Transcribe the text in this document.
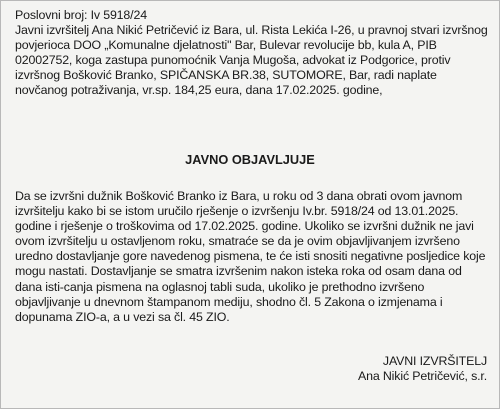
Poslovni broj: Iv 5918/24

Javni izvršitelj Ana Nikić Petričević iz Bara, ul. Rista Lekića I-26, u pravnoj stvari izvršnog povjerioca DOO „Komunalne djelatnosti" Bar, Bulevar revolucije bb, kula A, PIB 02002752, koga zastupa punomoćnik Vanja Mugoša, advokat iz Podgorice, protiv izvršnog Bošković Branko, SPIČANSKA BR.38, SUTOMORE, Bar, radi naplate novčanog potraživanja, vr.sp. 184,25 eura, dana 17.02.2025. godine,

JAVNO OBJAVLJUJE

Da se izvršni dužnik Bošković Branko iz Bara, u roku od 3 dana obrati ovom javnom izvršitelju kako bi se istom uručilo rješenje o izvršenju Iv.br. 5918/24 od 13.01.2025. godine i rješenje o troškovima od 17.02.2025. godine. Ukoliko se izvršni dužnik ne javi ovom izvršitelju u ostavljenom roku, smatraće se da je ovim objavljivanjem izvršeno uredno dostavljanje gore navedenog pismena, te će isti snositi negativne posljedice koje mogu nastati. Dostavljanje se smatra izvršenim nakon isteka roka od osam dana od dana isti-canja pismena na oglasnoj tabli suda, ukoliko je prethodno izvršeno objavljivanje u dnevnom štampanom mediju, shodno čl. 5 Zakona o izmjenama i dopunama ZIO-a, a u vezi sa čl. 45 ZIO.

JAVNI IZVRŠITELJ
Ana Nikić Petričević, s.r.
